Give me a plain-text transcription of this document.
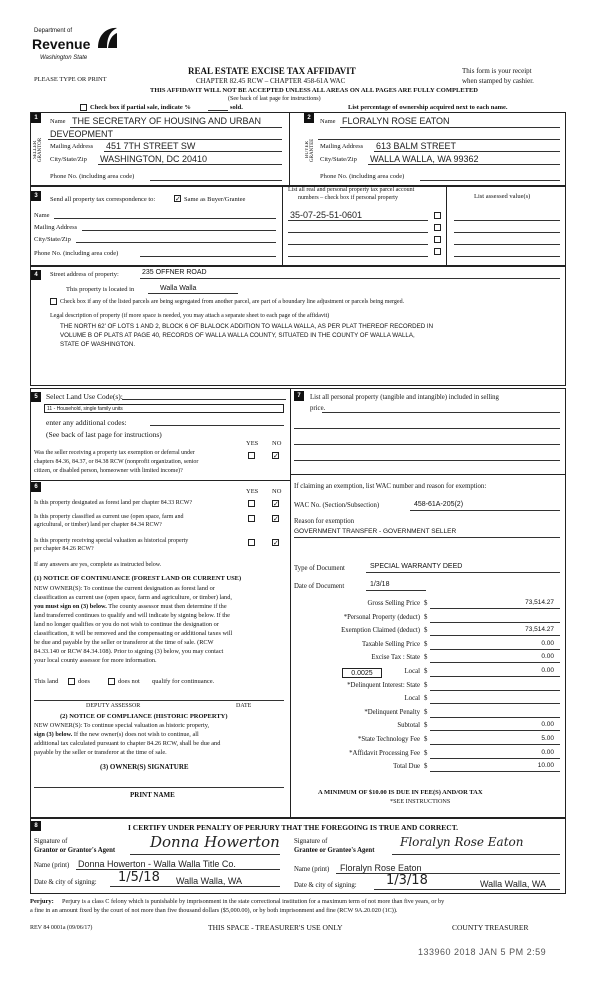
Department of
Revenue
Washington State
PLEASE TYPE OR PRINT
REAL ESTATE EXCISE TAX AFFIDAVIT
CHAPTER 82.45 RCW – CHAPTER 458-61A WAC
THIS AFFIDAVIT WILL NOT BE ACCEPTED UNLESS ALL AREAS ON ALL PAGES ARE FULLY COMPLETED
(See back of last page for instructions)
This form is your receipt
when stamped by cashier.
Check box if partial sale, indicate %	sold.	List percentage of ownership acquired next to each name.
1
SELLER GRANTOR
Name THE SECRETARY OF HOUSING AND URBAN
DEVEOPMENT
Mailing Address 451 7TH STREET SW
City/State/Zip WASHINGTON, DC 20410
Phone No. (including area code)
2
BUYER GRANTEE
Name FLORALYN ROSE EATON
Mailing Address 613 BALM STREET
City/State/Zip WALLA WALLA, WA 99362
Phone No. (including area code)
3	Send all property tax correspondence to:	✓ Same as Buyer/Grantee
Name
Mailing Address
City/State/Zip
Phone No. (including area code)
List all real and personal property tax parcel account
numbers – check box if personal property	List assessed value(s)
35-07-25-51-0601
4	Street address of property:	235 OFFNER ROAD
This property is located in	Walla Walla
Check box if any of the listed parcels are being segregated from another parcel, are part of a boundary line adjustment or parcels being merged.
Legal description of property (if more space is needed, you may attach a separate sheet to each page of the affidavit)
THE NORTH 62' OF LOTS 1 AND 2, BLOCK 6 OF BLALOCK ADDITION TO WALLA WALLA, AS PER PLAT THEREOF RECORDED IN
VOLUME B OF PLATS AT PAGE 40, RECORDS OF WALLA WALLA COUNTY, SITUATED IN THE COUNTY OF WALLA WALLA,
STATE OF WASHINGTON.
5	Select Land Use Code(s):
11 - Household, single family units
enter any additional codes:
(See back of last page for instructions)
YES NO
Was the seller receiving a property tax exemption or deferral under
chapters 84.36, 84.37, or 84.38 RCW (nonprofit organization, senior
citizen, or disabled person, homeowner with limited income)?
✓
6
YES NO
Is this property designated as forest land per chapter 84.33 RCW?	✓
Is this property classified as current use (open space, farm and
agricultural, or timber) land per chapter 84.34 RCW?
✓
Is this property receiving special valuation as historical property
per chapter 84.26 RCW?
✓
If any answers are yes, complete as instructed below.
(1) NOTICE OF CONTINUANCE (FOREST LAND OR CURRENT USE)
NEW OWNER(S): To continue the current designation as forest land or
classification as current use (open space, farm and agriculture, or timber) land,
you must sign on (3) below. The county assessor must then determine if the
land transferred continues to qualify and will indicate by signing below. If the
land no longer qualifies or you do not wish to continue the designation or
classification, it will be removed and the compensating or additional taxes will
be due and payable by the seller or transferor at the time of sale. (RCW
84.33.140 or RCW 84.34.108). Prior to signing (3) below, you may contact
your local county assessor for more information.
This land	does	does not qualify for continuance.
DEPUTY ASSESSOR	DATE
(2) NOTICE OF COMPLIANCE (HISTORIC PROPERTY)
NEW OWNER(S): To continue special valuation as historic property,
sign (3) below. If the new owner(s) does not wish to continue, all
additional tax calculated pursuant to chapter 84.26 RCW, shall be due and
payable by the seller or transferor at the time of sale.
(3) OWNER(S) SIGNATURE
PRINT NAME
7	List all personal property (tangible and intangible) included in selling
price.
If claiming an exemption, list WAC number and reason for exemption:
WAC No. (Section/Subsection)	458-61A-205(2)
Reason for exemption
GOVERNMENT TRANSFER - GOVERNMENT SELLER
Type of Document	SPECIAL WARRANTY DEED
Date of Document	1/3/18
Gross Selling Price $	73,514.27
*Personal Property (deduct) $
Exemption Claimed (deduct) $	73,514.27
Taxable Selling Price $	0.00
Excise Tax : State $	0.00
Local $	0.00
*Delinquent Interest: State $
Local $
*Delinquent Penalty $
Subtotal $	0.00
*State Technology Fee $	5.00
*Affidavit Processing Fee $	0.00
Total Due $	10.00
0.0025
A MINIMUM OF $10.00 IS DUE IN FEE(S) AND/OR TAX
*SEE INSTRUCTIONS
8	I CERTIFY UNDER PENALTY OF PERJURY THAT THE FOREGOING IS TRUE AND CORRECT.
Signature of
Grantor or Grantor's Agent Donna Howerton
Name (print) Donna Howerton - Walla Walla Title Co.
Date & city of signing: 1/5/18 Walla Walla, WA
Signature of
Grantee or Grantee's Agent
Floralyn Rose Eaton
Name (print) Floralyn Rose Eaton
Date & city of signing: 1/3/18	Walla Walla, WA
Perjury: Perjury is a class C felony which is punishable by imprisonment in the state correctional institution for a maximum term of not more than five years, or by
a fine in an amount fixed by the court of not more than five thousand dollars ($5,000.00), or by both imprisonment and fine (RCW 9A.20.020 (1C)).
REV 84 0001a (09/06/17)	THIS SPACE - TREASURER'S USE ONLY	COUNTY TREASURER
133960 2018 JAN 5 PM 2:59
